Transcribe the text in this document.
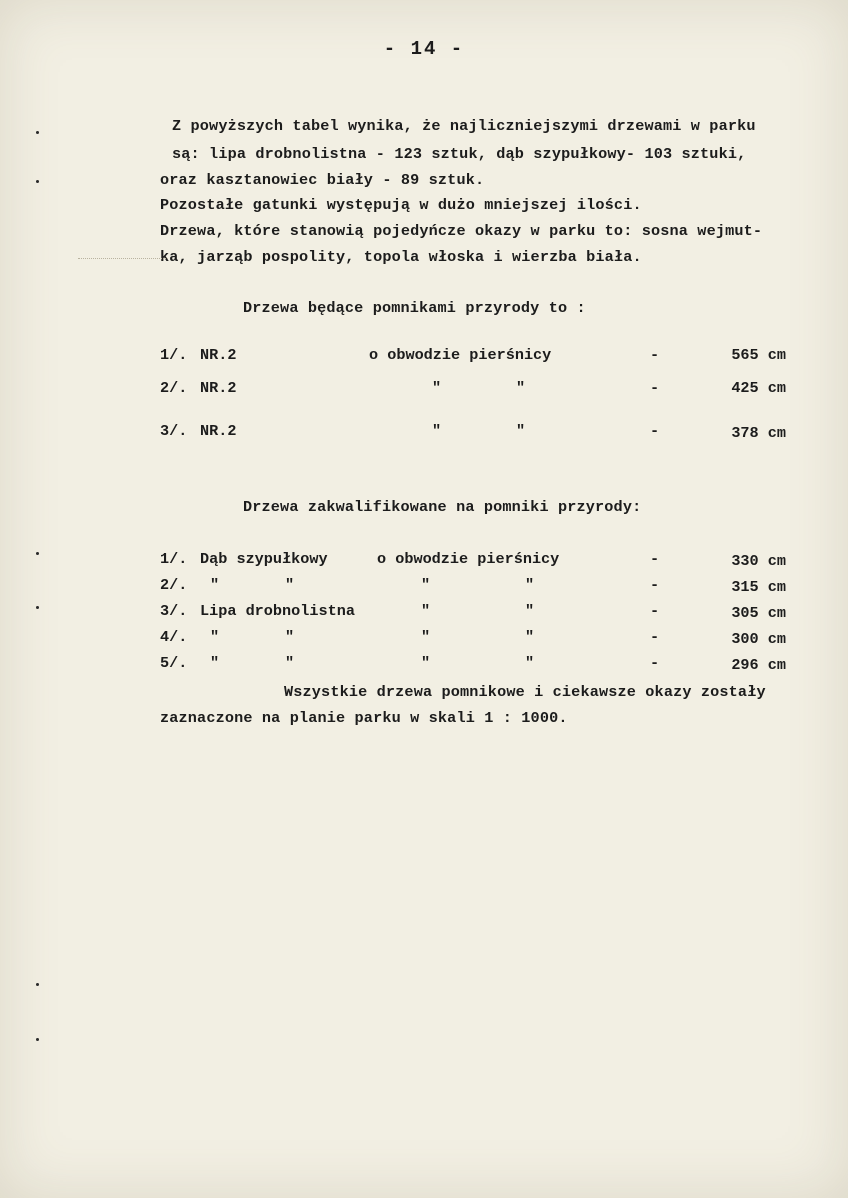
- 14 -
Z powyższych tabel wynika, że najliczniejszymi drzewami w parku
są: lipa drobnolistna - 123 sztuk, dąb szypułkowy- 103 sztuki,
oraz kasztanowiec biały - 89 sztuk.
Pozostałe gatunki występują w dużo mniejszej ilości.
Drzewa, które stanowią pojedyńcze okazy w parku to: sosna wejmut-
ka, jarząb pospolity, topola włoska i wierzba biała.
Drzewa będące pomnikami przyrody to :
1/. NR.2	o obwodzie pierśnicy	-	565 cm
2/. NR.2	"	"	-	425 cm
3/. NR.2	"	"	-	378 cm
Drzewa zakwalifikowane na pomniki przyrody:
1/. Dąb szypułkowy	o obwodzie pierśnicy	-	330 cm
2/. "	"	"	"	-	315 cm
3/. Lipa drobnolistna	"	"	-	305 cm
4/. "	"	"	"	-	300 cm
5/. "	"	"	"	-	296 cm
Wszystkie drzewa pomnikowe i ciekawsze okazy zostały
zaznaczone na planie parku w skali 1 : 1000.
